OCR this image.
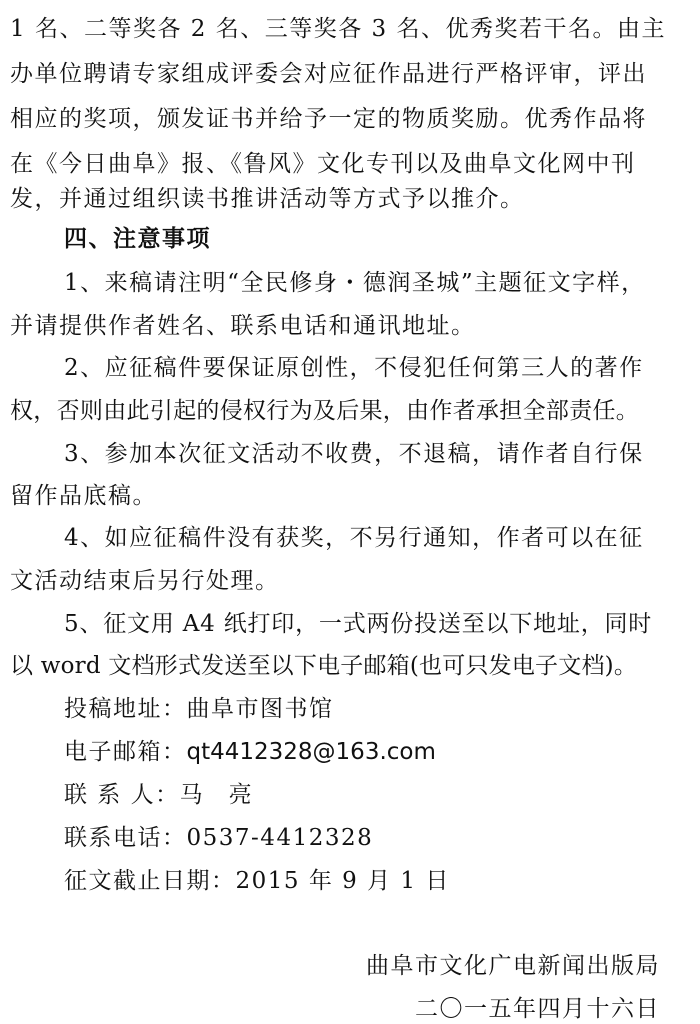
1 名、二等奖各 2 名、三等奖各 3 名、优秀奖若干名。由主
办单位聘请专家组成评委会对应征作品进行严格评审，评出
相应的奖项，颁发证书并给予一定的物质奖励。优秀作品将
在《今日曲阜》报、《鲁风》文化专刊以及曲阜文化网中刊
发，并通过组织读书推讲活动等方式予以推介。
四、注意事项
1、来稿请注明“全民修身・德润圣城”主题征文字样，
并请提供作者姓名、联系电话和通讯地址。
2、应征稿件要保证原创性，不侵犯任何第三人的著作
权，否则由此引起的侵权行为及后果，由作者承担全部责任。
3、参加本次征文活动不收费，不退稿，请作者自行保
留作品底稿。
4、如应征稿件没有获奖，不另行通知，作者可以在征
文活动结束后另行处理。
5、征文用 A4 纸打印，一式两份投送至以下地址，同时
以 word 文档形式发送至以下电子邮箱(也可只发电子文档)。
投稿地址：曲阜市图书馆
电子邮箱：qt4412328@163.com
联 系 人：马　亮
联系电话：0537-4412328
征文截止日期：2015 年 9 月 1 日
曲阜市文化广电新闻出版局
二〇一五年四月十六日
